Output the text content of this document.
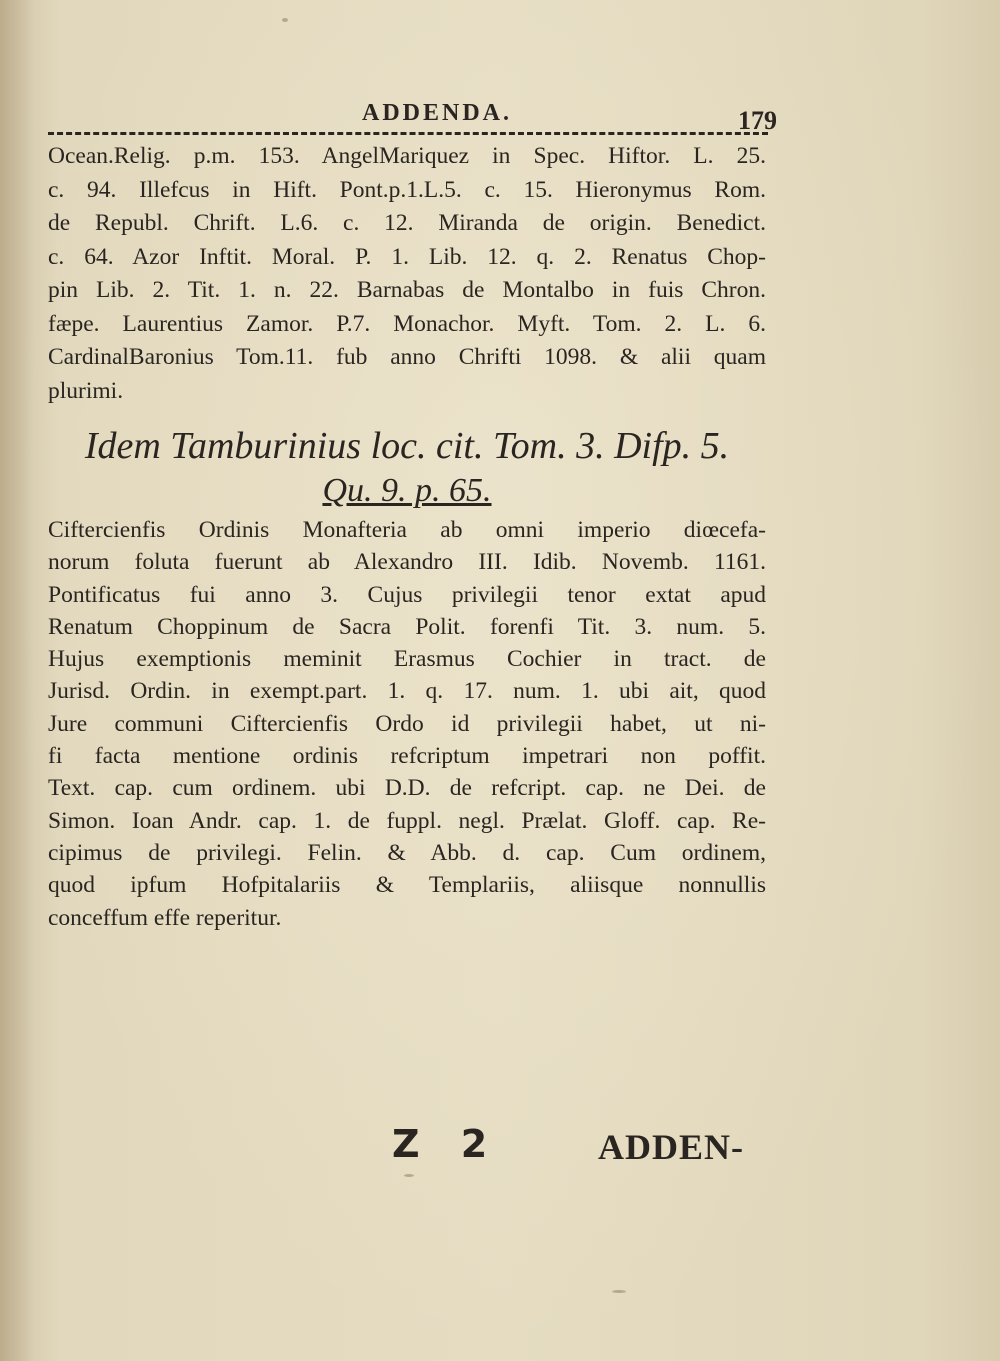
ADDENDA.	179
Ocean.Relig. p.m. 153. AngelMariquez in Spec. Hiftor. L. 25.
c. 94. Illefcus in Hift. Pont.p.1.L.5. c. 15. Hieronymus Rom.
de Republ. Chrift. L.6. c. 12. Miranda de origin. Benedict.
c. 64. Azor Inftit. Moral. P. 1. Lib. 12. q. 2. Renatus Chop-
pin Lib. 2. Tit. 1. n. 22. Barnabas de Montalbo in fuis Chron.
fæpe. Laurentius Zamor. P.7. Monachor. Myft. Tom. 2. L. 6.
CardinalBaronius Tom.11. fub anno Chrifti 1098. & alii quam
plurimi.
Idem Tamburinius loc. cit. Tom. 3. Difp. 5.
Qu. 9. p. 65.
Ciftercienfis Ordinis Monafteria ab omni imperio diœcefa-
norum foluta fuerunt ab Alexandro III. Idib. Novemb. 1161.
Pontificatus fui anno 3. Cujus privilegii tenor extat apud
Renatum Choppinum de Sacra Polit. forenfi Tit. 3. num. 5.
Hujus exemptionis meminit Erasmus Cochier in tract. de
Jurisd. Ordin. in exempt.part. 1. q. 17. num. 1. ubi ait, quod
Jure communi Ciftercienfis Ordo id privilegii habet, ut ni-
fi facta mentione ordinis refcriptum impetrari non poffit.
Text. cap. cum ordinem. ubi D.D. de refcript. cap. ne Dei. de
Simon. Ioan Andr. cap. 1. de fuppl. negl. Prælat. Gloff. cap. Re-
cipimus de privilegi. Felin. & Abb. d. cap. Cum ordinem,
quod ipfum Hofpitalariis & Templariis, aliisque nonnullis
conceffum effe reperitur.
Z 2	ADDEN-
